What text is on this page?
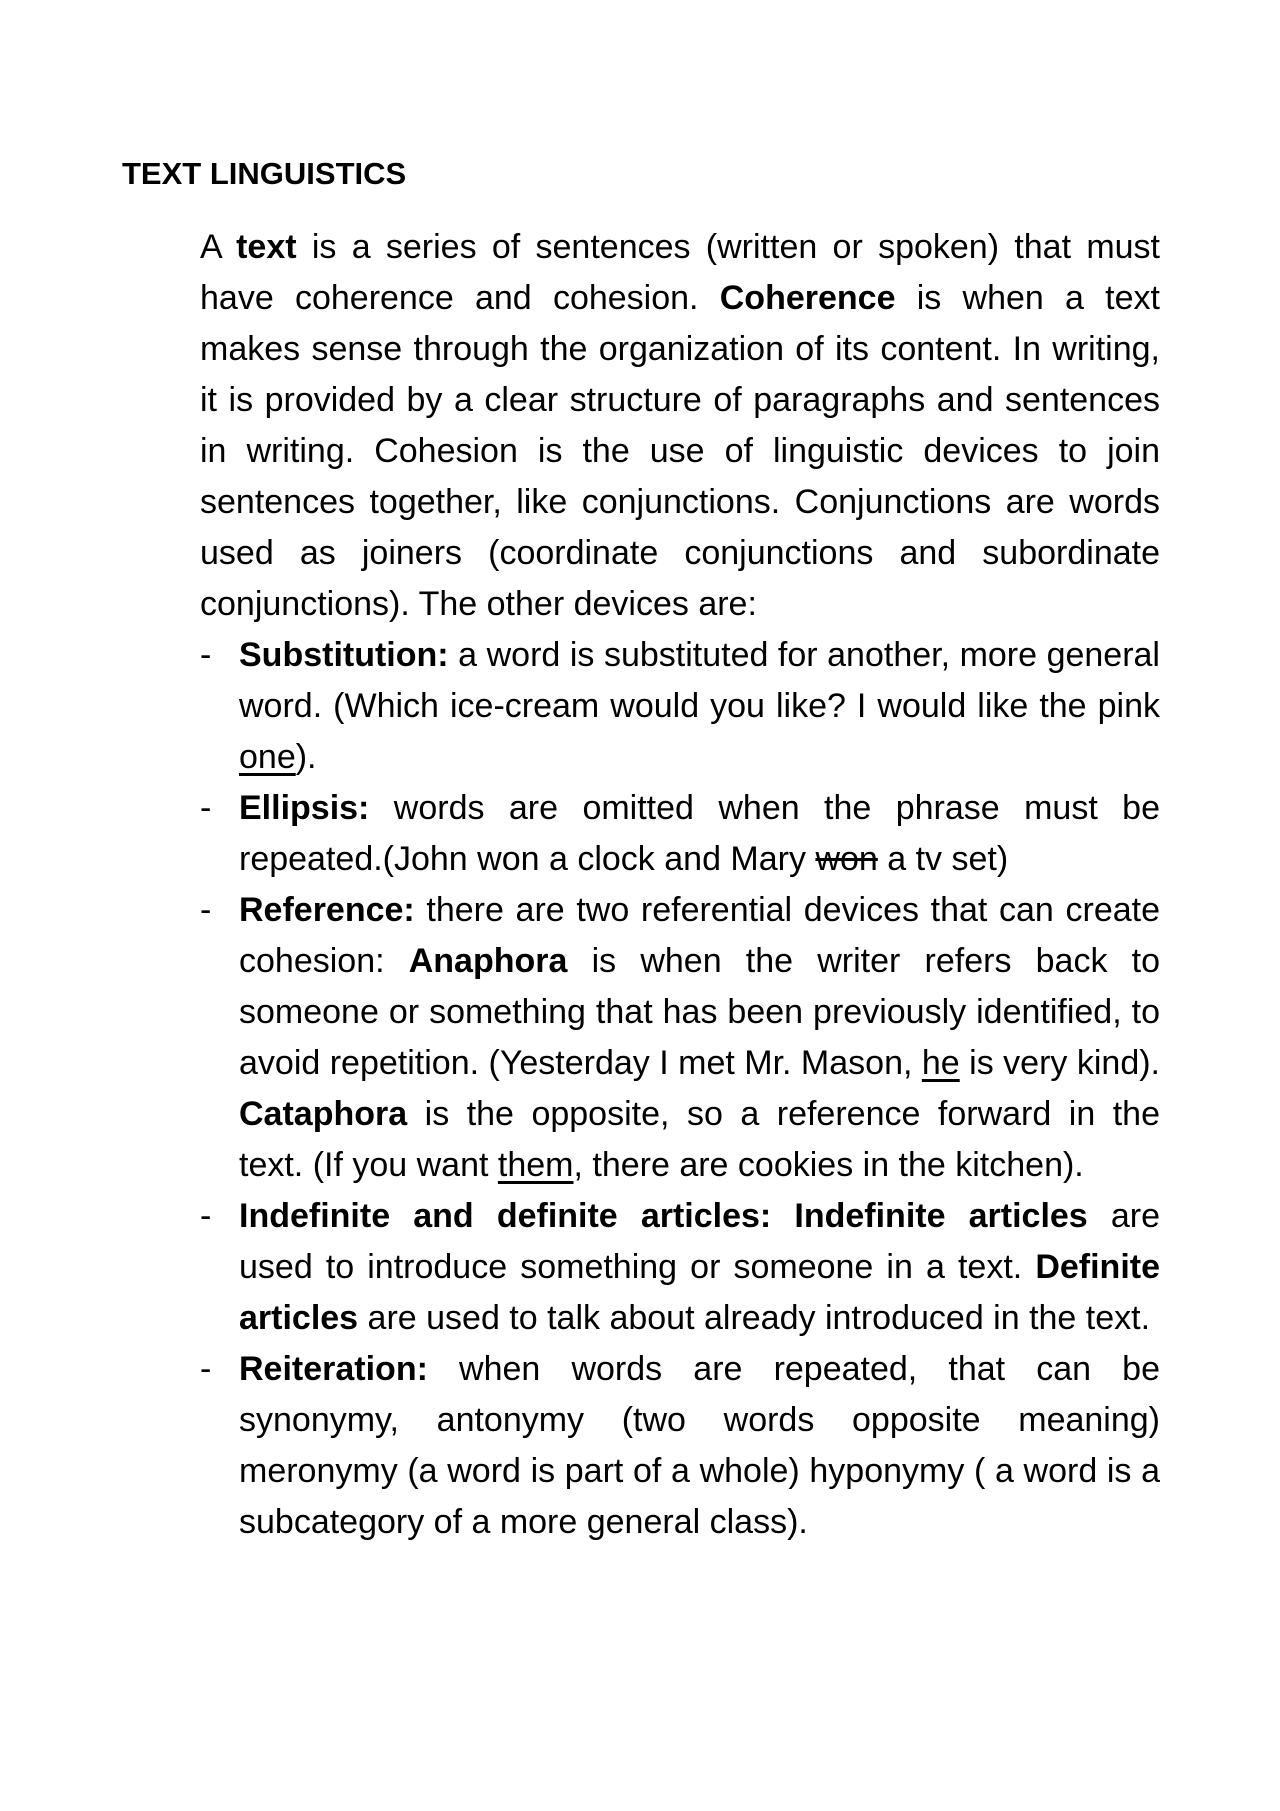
TEXT LINGUISTICS

A text is a series of sentences (written or spoken) that must have coherence and cohesion. Coherence is when a text makes sense through the organization of its content. In writing, it is provided by a clear structure of paragraphs and sentences in writing. Cohesion is the use of linguistic devices to join sentences together, like conjunctions. Conjunctions are words used as joiners (coordinate conjunctions and subordinate conjunctions). The other devices are:

- Substitution: a word is substituted for another, more general word. (Which ice-cream would you like? I would like the pink one).
- Ellipsis: words are omitted when the phrase must be repeated.(John won a clock and Mary won a tv set)
- Reference: there are two referential devices that can create cohesion: Anaphora is when the writer refers back to someone or something that has been previously identified, to avoid repetition. (Yesterday I met Mr. Mason, he is very kind). Cataphora is the opposite, so a reference forward in the text. (If you want them, there are cookies in the kitchen).
- Indefinite and definite articles: Indefinite articles are used to introduce something or someone in a text. Definite articles are used to talk about already introduced in the text.
- Reiteration: when words are repeated, that can be synonymy, antonymy (two words opposite meaning) meronymy (a word is part of a whole) hyponymy ( a word is a subcategory of a more general class).
